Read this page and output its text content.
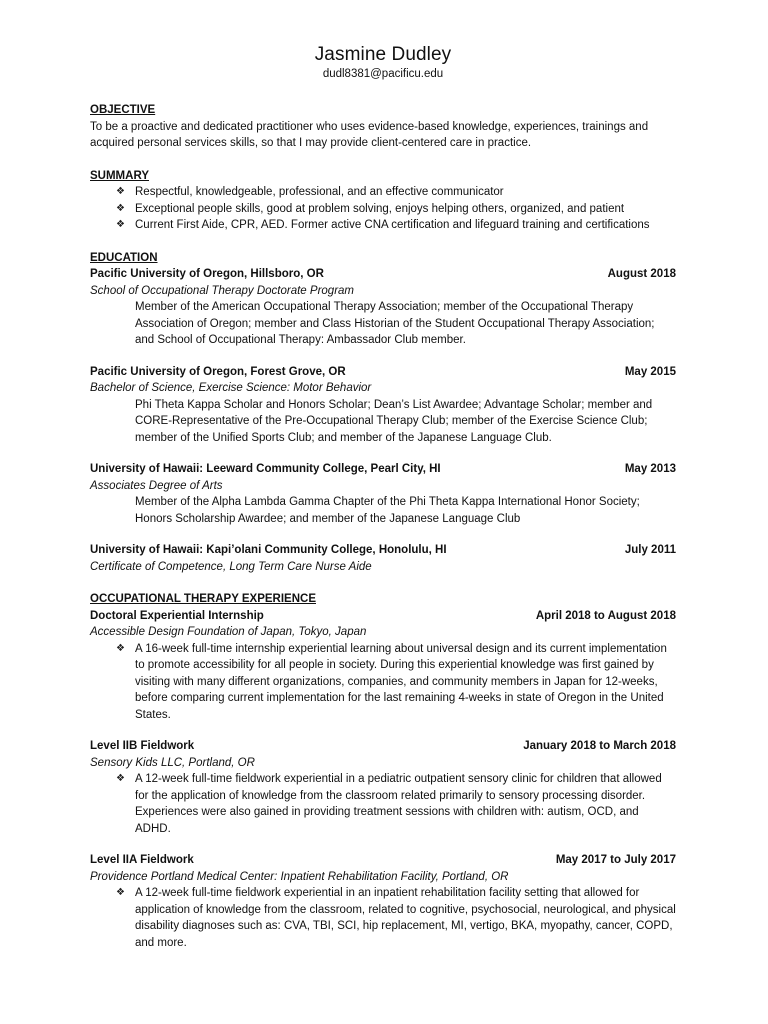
Jasmine Dudley
dudl8381@pacificu.edu
OBJECTIVE

To be a proactive and dedicated practitioner who uses evidence-based knowledge, experiences, trainings and acquired personal services skills, so that I may provide client-centered care in practice.

SUMMARY
❖ Respectful, knowledgeable, professional, and an effective communicator
❖ Exceptional people skills, good at problem solving, enjoys helping others, organized, and patient
❖ Current First Aide, CPR, AED. Former active CNA certification and lifeguard training and certifications
EDUCATION
Pacific University of Oregon, Hillsboro, OR	August 2018
School of Occupational Therapy Doctorate Program
Member of the American Occupational Therapy Association; member of the Occupational Therapy Association of Oregon; member and Class Historian of the Student Occupational Therapy Association; and School of Occupational Therapy: Ambassador Club member.
Pacific University of Oregon, Forest Grove, OR	May 2015
Bachelor of Science, Exercise Science: Motor Behavior
Phi Theta Kappa Scholar and Honors Scholar; Dean’s List Awardee; Advantage Scholar; member and CORE-Representative of the Pre-Occupational Therapy Club; member of the Exercise Science Club; member of the Unified Sports Club; and member of the Japanese Language Club.
University of Hawaii: Leeward Community College, Pearl City, HI	May 2013
Associates Degree of Arts
Member of the Alpha Lambda Gamma Chapter of the Phi Theta Kappa International Honor Society; Honors Scholarship Awardee; and member of the Japanese Language Club
University of Hawaii: Kapi’olani Community College, Honolulu, HI	July 2011
Certificate of Competence, Long Term Care Nurse Aide
OCCUPATIONAL THERAPY EXPERIENCE
Doctoral Experiential Internship	April 2018 to August 2018
Accessible Design Foundation of Japan, Tokyo, Japan
❖ A 16-week full-time internship experiential learning about universal design and its current implementation to promote accessibility for all people in society. During this experiential knowledge was first gained by visiting with many different organizations, companies, and community members in Japan for 12-weeks, before comparing current implementation for the last remaining 4-weeks in state of Oregon in the United States.
Level IIB Fieldwork	January 2018 to March 2018
Sensory Kids LLC, Portland, OR
❖ A 12-week full-time fieldwork experiential in a pediatric outpatient sensory clinic for children that allowed for the application of knowledge from the classroom related primarily to sensory processing disorder. Experiences were also gained in providing treatment sessions with children with: autism, OCD, and ADHD.
Level IIA Fieldwork	May 2017 to July 2017
Providence Portland Medical Center: Inpatient Rehabilitation Facility, Portland, OR
❖ A 12-week full-time fieldwork experiential in an inpatient rehabilitation facility setting that allowed for application of knowledge from the classroom, related to cognitive, psychosocial, neurological, and physical disability diagnoses such as: CVA, TBI, SCI, hip replacement, MI, vertigo, BKA, myopathy, cancer, COPD, and more.
